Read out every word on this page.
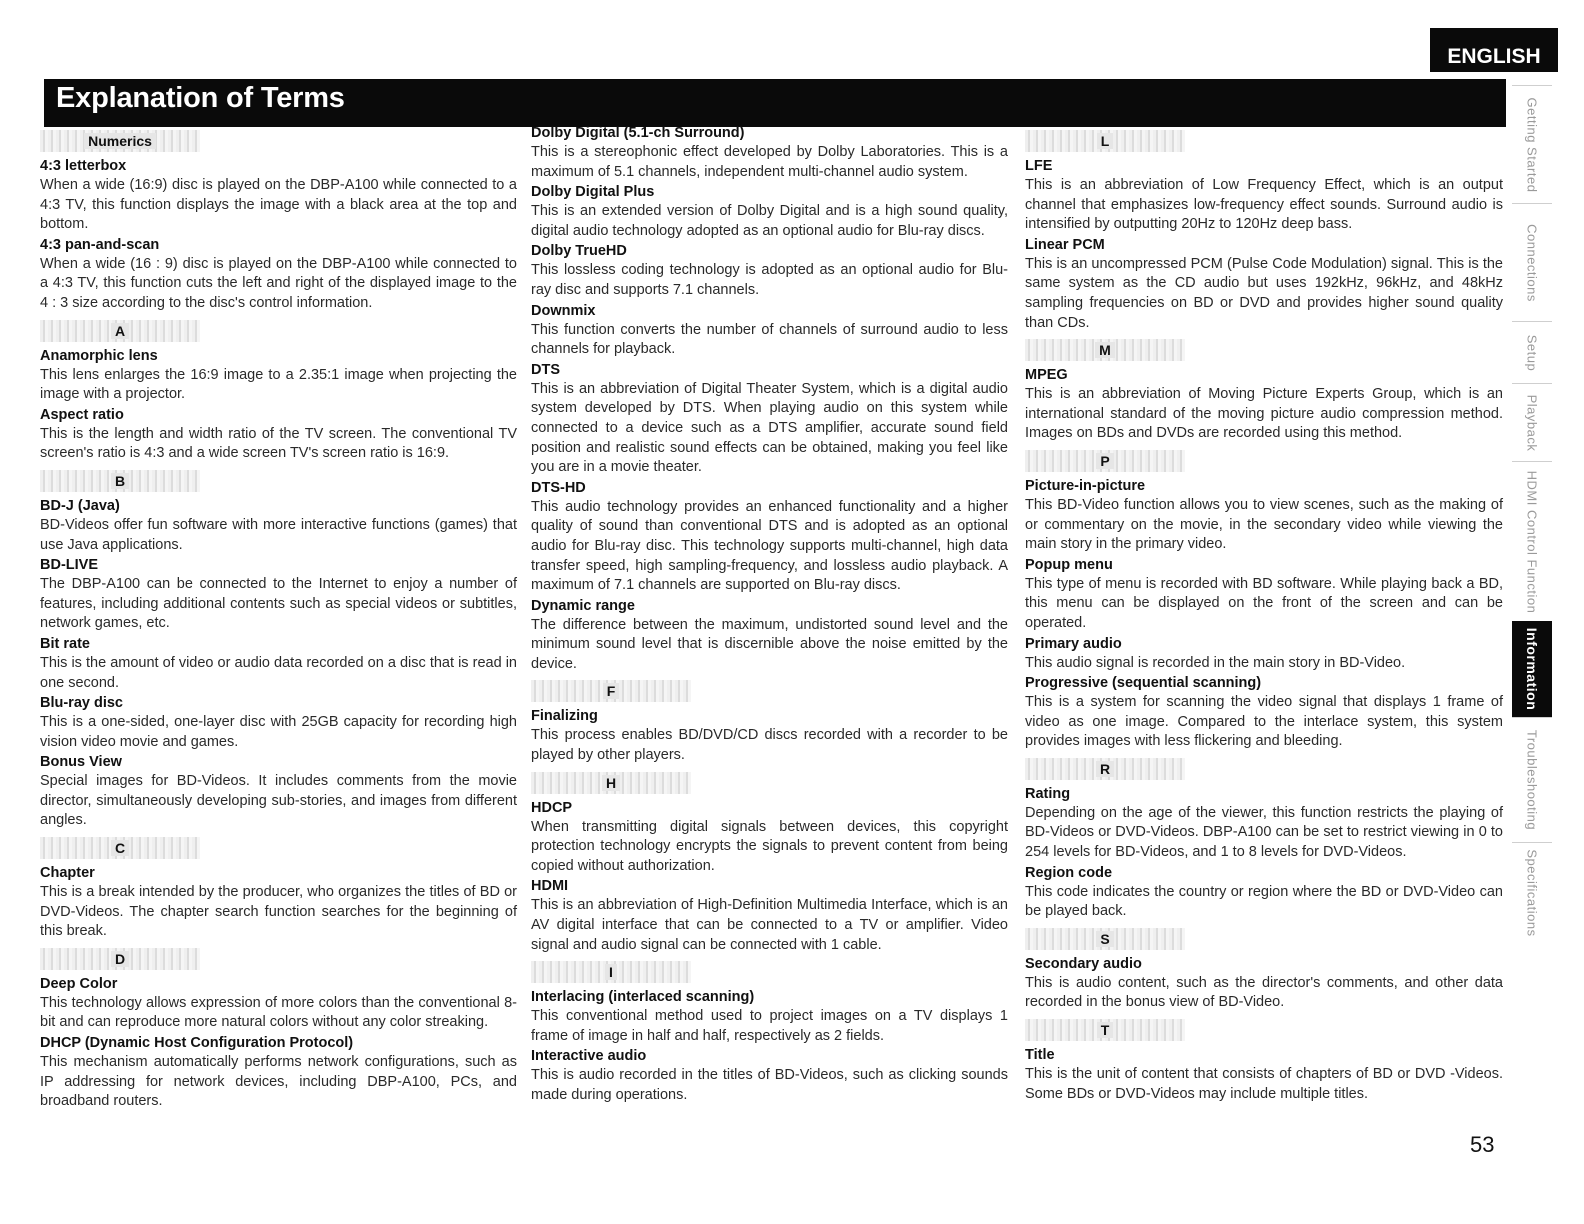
ENGLISH
Explanation of Terms
Numerics
4:3 letterbox
When a wide (16:9) disc is played on the DBP-A100 while connected to a 4:3 TV, this function displays the image with a black area at the top and bottom.
4:3 pan-and-scan
When a wide (16 : 9) disc is played on the DBP-A100 while connected to a 4:3 TV, this function cuts the left and right of the displayed image to the 4 : 3 size according to the disc's control information.
A
Anamorphic lens
This lens enlarges the 16:9 image to a 2.35:1 image when projecting the image with a projector.
Aspect ratio
This is the length and width ratio of the TV screen. The conventional TV screen's ratio is 4:3 and a wide screen TV's screen ratio is 16:9.
B
BD-J (Java)
BD-Videos offer fun software with more interactive functions (games) that use Java applications.
BD-LIVE
The DBP-A100 can be connected to the Internet to enjoy a number of features, including additional contents such as special videos or subtitles, network games, etc.
Bit rate
This is the amount of video or audio data recorded on a disc that is read in one second.
Blu-ray disc
This is a one-sided, one-layer disc with 25GB capacity for recording high vision video movie and games.
Bonus View
Special images for BD-Videos. It includes comments from the movie director, simultaneously developing sub-stories, and images from different angles.
C
Chapter
This is a break intended by the producer, who organizes the titles of BD or DVD-Videos. The chapter search function searches for the beginning of this break.
D
Deep Color
This technology allows expression of more colors than the conventional 8-bit and can reproduce more natural colors without any color streaking.
DHCP (Dynamic Host Configuration Protocol)
This mechanism automatically performs network configurations, such as IP addressing for network devices, including DBP-A100, PCs, and broadband routers.
Dolby Digital (5.1-ch Surround)
This is a stereophonic effect developed by Dolby Laboratories. This is a maximum of 5.1 channels, independent multi-channel audio system.
Dolby Digital Plus
This is an extended version of Dolby Digital and is a high sound quality, digital audio technology adopted as an optional audio for Blu-ray discs.
Dolby TrueHD
This lossless coding technology is adopted as an optional audio for Blu-ray disc and supports 7.1 channels.
Downmix
This function converts the number of channels of surround audio to less channels for playback.
DTS
This is an abbreviation of Digital Theater System, which is a digital audio system developed by DTS. When playing audio on this system while connected to a device such as a DTS amplifier, accurate sound field position and realistic sound effects can be obtained, making you feel like you are in a movie theater.
DTS-HD
This audio technology provides an enhanced functionality and a higher quality of sound than conventional DTS and is adopted as an optional audio for Blu-ray disc. This technology supports multi-channel, high data transfer speed, high sampling-frequency, and lossless audio playback. A maximum of 7.1 channels are supported on Blu-ray discs.
Dynamic range
The difference between the maximum, undistorted sound level and the minimum sound level that is discernible above the noise emitted by the device.
F
Finalizing
This process enables BD/DVD/CD discs recorded with a recorder to be played by other players.
H
HDCP
When transmitting digital signals between devices, this copyright protection technology encrypts the signals to prevent content from being copied without authorization.
HDMI
This is an abbreviation of High-Definition Multimedia Interface, which is an AV digital interface that can be connected to a TV or amplifier. Video signal and audio signal can be connected with 1 cable.
I
Interlacing (interlaced scanning)
This conventional method used to project images on a TV displays 1 frame of image in half and half, respectively as 2 fields.
Interactive audio
This is audio recorded in the titles of BD-Videos, such as clicking sounds made during operations.
L
LFE
This is an abbreviation of Low Frequency Effect, which is an output channel that emphasizes low-frequency effect sounds. Surround audio is intensified by outputting 20Hz to 120Hz deep bass.
Linear PCM
This is an uncompressed PCM (Pulse Code Modulation) signal. This is the same system as the CD audio but uses 192kHz, 96kHz, and 48kHz sampling frequencies on BD or DVD and provides higher sound quality than CDs.
M
MPEG
This is an abbreviation of Moving Picture Experts Group, which is an international standard of the moving picture audio compression method. Images on BDs and DVDs are recorded using this method.
P
Picture-in-picture
This BD-Video function allows you to view scenes, such as the making of or commentary on the movie, in the secondary video while viewing the main story in the primary video.
Popup menu
This type of menu is recorded with BD software. While playing back a BD, this menu can be displayed on the front of the screen and can be operated.
Primary audio
This audio signal is recorded in the main story in BD-Video.
Progressive (sequential scanning)
This is a system for scanning the video signal that displays 1 frame of video as one image. Compared to the interlace system, this system provides images with less flickering and bleeding.
R
Rating
Depending on the age of the viewer, this function restricts the playing of BD-Videos or DVD-Videos. DBP-A100 can be set to restrict viewing in 0 to 254 levels for BD-Videos, and 1 to 8 levels for DVD-Videos.
Region code
This code indicates the country or region where the BD or DVD-Video can be played back.
S
Secondary audio
This is audio content, such as the director's comments, and other data recorded in the bonus view of BD-Video.
T
Title
This is the unit of content that consists of chapters of BD or DVD -Videos. Some BDs or DVD-Videos may include multiple titles.
Getting Started
Connections
Setup
Playback
HDMI Control Function
Information
Troubleshooting
Specifications
53
